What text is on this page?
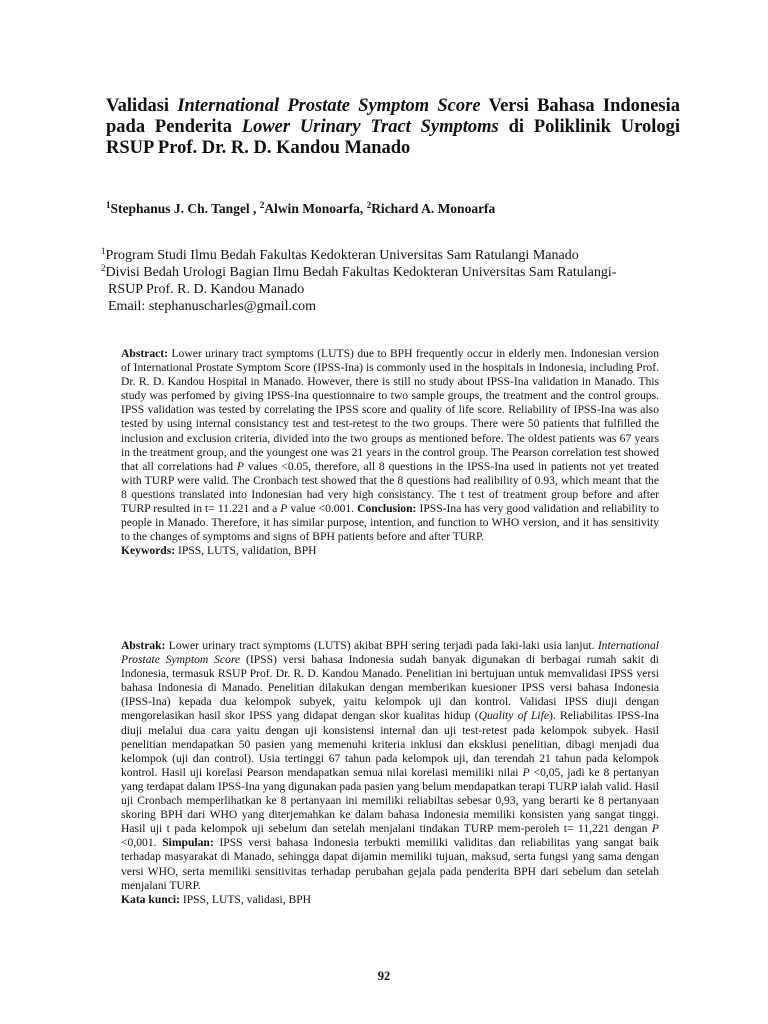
Validasi International Prostate Symptom Score Versi Bahasa Indonesia pada Penderita Lower Urinary Tract Symptoms di Poliklinik Urologi RSUP Prof. Dr. R. D. Kandou Manado

$^1$Stephanus J. Ch. Tangel , $^2$Alwin Monoarfa, $^2$Richard A. Monoarfa

$^1$Program Studi Ilmu Bedah Fakultas Kedokteran Universitas Sam Ratulangi Manado
$^2$Divisi Bedah Urologi Bagian Ilmu Bedah Fakultas Kedokteran Universitas Sam Ratulangi-
RSUP Prof. R. D. Kandou Manado
Email: stephanuscharles@gmail.com

Abstract: Lower urinary tract symptoms (LUTS) due to BPH frequently occur in elderly men. Indonesian version of International Prostate Symptom Score (IPSS-Ina) is commonly used in the hospitals in Indonesia, including Prof. Dr. R. D. Kandou Hospital in Manado. However, there is still no study about IPSS-Ina validation in Manado. This study was perfomed by giving IPSS-Ina questionnaire to two sample groups, the treatment and the control groups. IPSS validation was tested by correlating the IPSS score and quality of life score. Reliability of IPSS-Ina was also tested by using internal consistancy test and test-retest to the two groups. There were 50 patients that fulfilled the inclusion and exclusion criteria, divided into the two groups as mentioned before. The oldest patients was 67 years in the treatment group, and the youngest one was 21 years in the control group. The Pearson correlation test showed that all correlations had P values <0.05, therefore, all 8 questions in the IPSS-Ina used in patients not yet treated with TURP were valid. The Cronbach test showed that the 8 questions had realibility of 0.93, which meant that the 8 questions translated into Indonesian had very high consistancy. The t test of treatment group before and after TURP resulted in t= 11.221 and a P value <0.001. Conclusion: IPSS-Ina has very good validation and reliability to people in Manado. Therefore, it has similar purpose, intention, and function to WHO version, and it has sensitivity to the changes of symptoms and signs of BPH patients before and after TURP.

Keywords: IPSS, LUTS, validation, BPH

Abstrak: Lower urinary tract symptoms (LUTS) akibat BPH sering terjadi pada laki-laki usia lanjut. International Prostate Symptom Score (IPSS) versi bahasa Indonesia sudah banyak digunakan di berbagai rumah sakit di Indonesia, termasuk RSUP Prof. Dr. R. D. Kandou Manado. Penelitian ini bertujuan untuk memvalidasi IPSS versi bahasa Indonesia di Manado. Penelitian dilakukan dengan memberikan kuesioner IPSS versi bahasa Indonesia (IPSS-Ina) kepada dua kelompok subyek, yaitu kelompok uji dan kontrol. Validasi IPSS diuji dengan mengorelasikan hasil skor IPSS yang didapat dengan skor kualitas hidup (Quality of Life). Reliabilitas IPSS-Ina diuji melalui dua cara yaitu dengan uji konsistensi internal dan uji test-retest pada kelompok subyek. Hasil penelitian mendapatkan 50 pasien yang memenuhi kriteria inklusi dan eksklusi penelitian, dibagi menjadi dua kelompok (uji dan control). Usia tertinggi 67 tahun pada kelompok uji, dan terendah 21 tahun pada kelompok kontrol. Hasil uji korelasi Pearson mendapatkan semua nilai korelasi memiliki nilai P <0,05, jadi ke 8 pertanyan yang terdapat dalam IPSS-Ina yang digunakan pada pasien yang belum mendapatkan terapi TURP ialah valid. Hasil uji Cronbach memperlihatkan ke 8 pertanyaan ini memiliki reliabiltas sebesar 0,93, yang berarti ke 8 pertanyaan skoring BPH dari WHO yang diterjemahkan ke dalam bahasa Indonesia memiliki konsisten yang sangat tinggi. Hasil uji t pada kelompok uji sebelum dan setelah menjalani tindakan TURP mem-peroleh t= 11,221 dengan P <0,001. Simpulan: IPSS versi bahasa Indonesia terbukti memiliki validitas dan reliabilitas yang sangat baik terhadap masyarakat di Manado, sehingga dapat dijamin memiliki tujuan, maksud, serta fungsi yang sama dengan versi WHO, serta memiliki sensitivitas terhadap perubahan gejala pada penderita BPH dari sebelum dan setelah menjalani TURP.

Kata kunci: IPSS, LUTS, validasi, BPH

92
